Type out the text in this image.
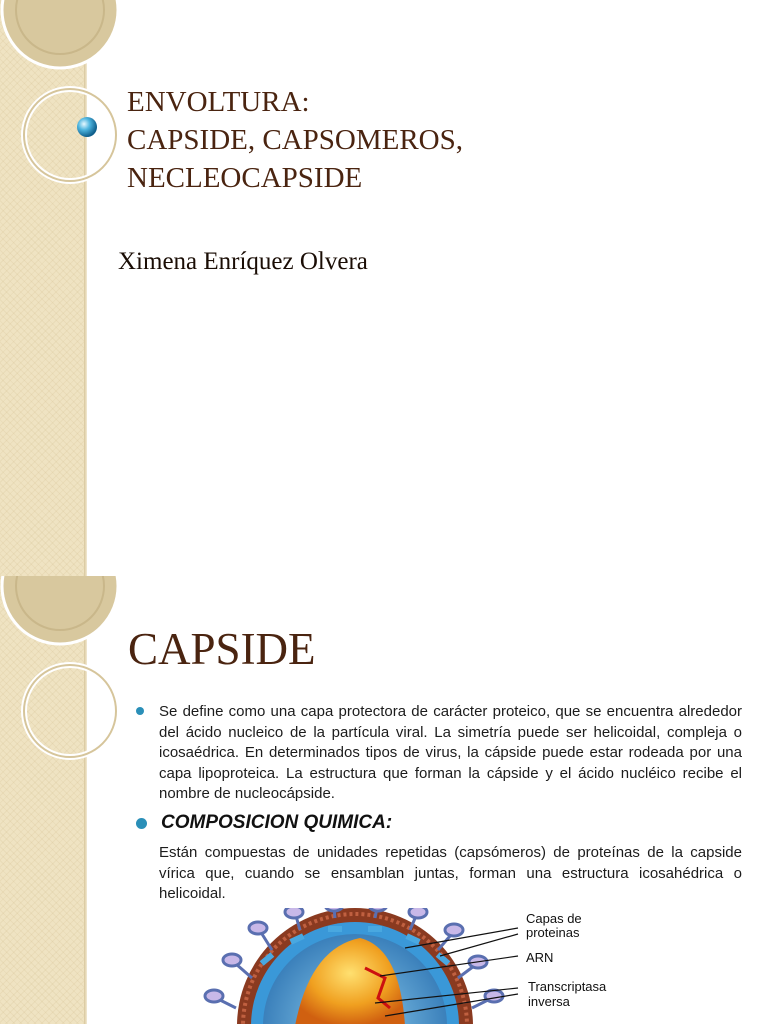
ENVOLTURA:
CAPSIDE, CAPSOMEROS,
NECLEOCAPSIDE
Ximena Enríquez Olvera
CAPSIDE
Se define como una capa protectora de carácter proteico, que se encuentra alrededor del ácido nucleico de la partícula viral. La simetría puede ser helicoidal, compleja o icosaédrica. En determinados tipos de virus, la cápside puede estar rodeada por una capa lipoproteica. La estructura que forman la cápside y el ácido nucléico recibe el nombre de nucleocápside.
COMPOSICION QUIMICA:
Están compuestas de unidades repetidas (capsómeros) de proteínas de la capside vírica que, cuando se ensamblan juntas, forman una estructura icosahédrica o helicoidal.
Capas de
proteinas
ARN
Transcriptasa
inversa
